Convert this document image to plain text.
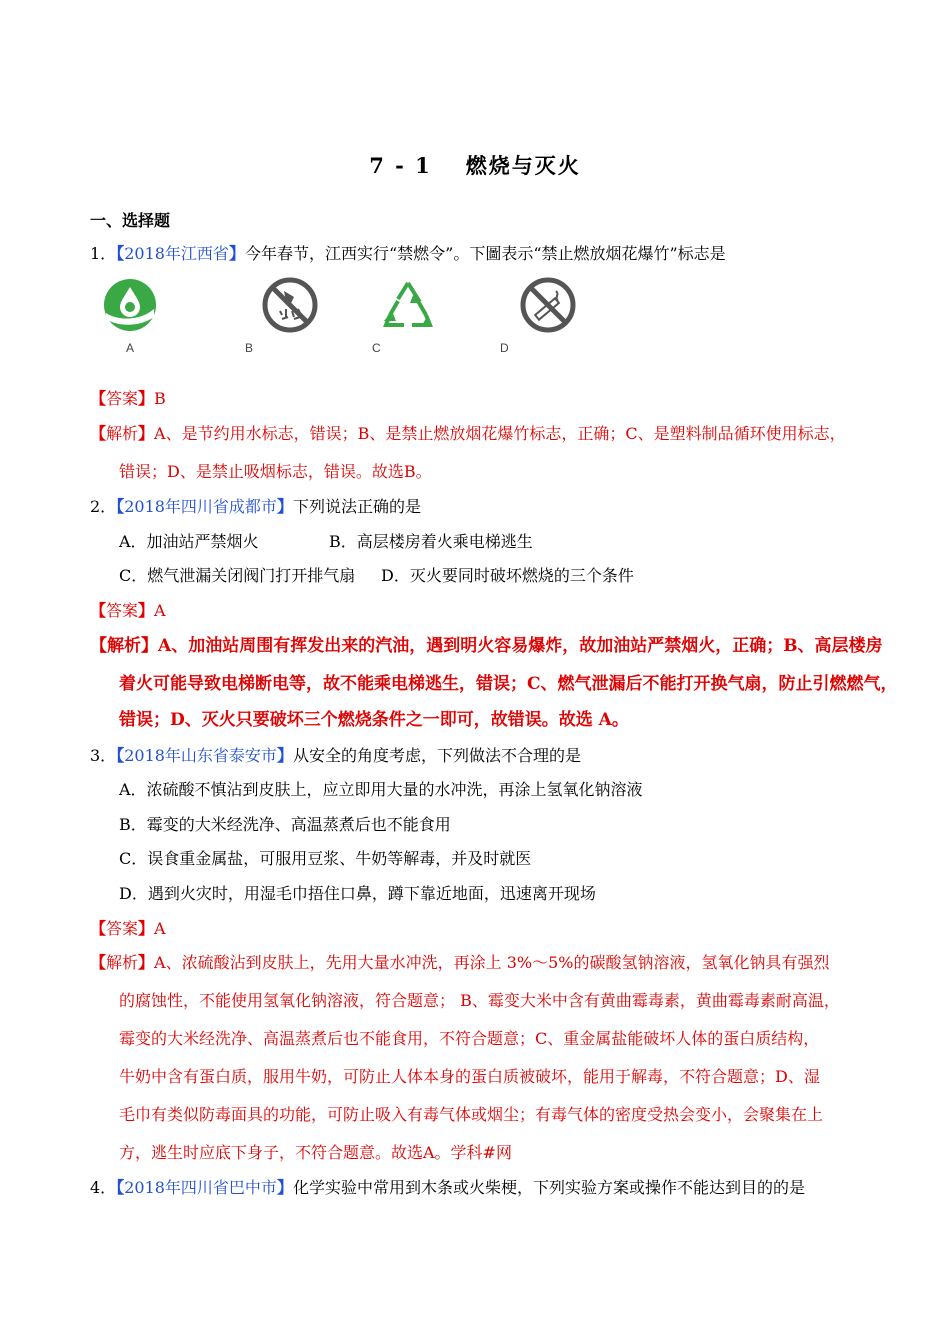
7 - 1 燃烧与灭火
一、选择题
1．【2018年江西省】今年春节，江西实行“禁燃令”。下圖表示“禁止燃放烟花爆竹”标志是
A	B	C	D
【答案】B
【解析】A、是节约用水标志，错误；B、是禁止燃放烟花爆竹标志，正确；C、是塑料制品循环使用标志，
错误；D、是禁止吸烟标志，错误。故选B。
2．【2018年四川省成都市】下列说法正确的是
A．加油站严禁烟火	B．高层楼房着火乘电梯逃生
C．燃气泄漏关闭阀门打开排气扇 D．灭火要同时破坏燃烧的三个条件
【答案】A
【解析】A、加油站周围有挥发出来的汽油，遇到明火容易爆炸，故加油站严禁烟火，正确；B、高层楼房
着火可能导致电梯断电等，故不能乘电梯逃生，错误；C、燃气泄漏后不能打开换气扇，防止引燃燃气，
错误；D、灭火只要破坏三个燃烧条件之一即可，故错误。故选 A。
3．【2018年山东省泰安市】从安全的角度考虑，下列做法不合理的是
A．浓硫酸不慎沾到皮肤上，应立即用大量的水冲洗，再涂上氢氧化钠溶液
B．霉变的大米经洗净、高温蒸煮后也不能食用
C．误食重金属盐，可服用豆浆、牛奶等解毒，并及时就医
D．遇到火灾时，用湿毛巾捂住口鼻，蹲下靠近地面，迅速离开现场
【答案】A
【解析】A、浓硫酸沾到皮肤上，先用大量水冲洗，再涂上 3%～5%的碳酸氢钠溶液，氢氧化钠具有强烈
的腐蚀性，不能使用氢氧化钠溶液，符合题意； B、霉变大米中含有黄曲霉毒素，黄曲霉毒素耐高温，
霉变的大米经洗净、高温蒸煮后也不能食用，不符合题意；C、重金属盐能破坏人体的蛋白质结构，
牛奶中含有蛋白质，服用牛奶，可防止人体本身的蛋白质被破坏，能用于解毒，不符合题意；D、湿
毛巾有类似防毒面具的功能，可防止吸入有毒气体或烟尘；有毒气体的密度受热会变小，会聚集在上
方，逃生时应底下身子，不符合题意。故选A。学科#网
4．【2018年四川省巴中市】化学实验中常用到木条或火柴梗，下列实验方案或操作不能达到目的的是
